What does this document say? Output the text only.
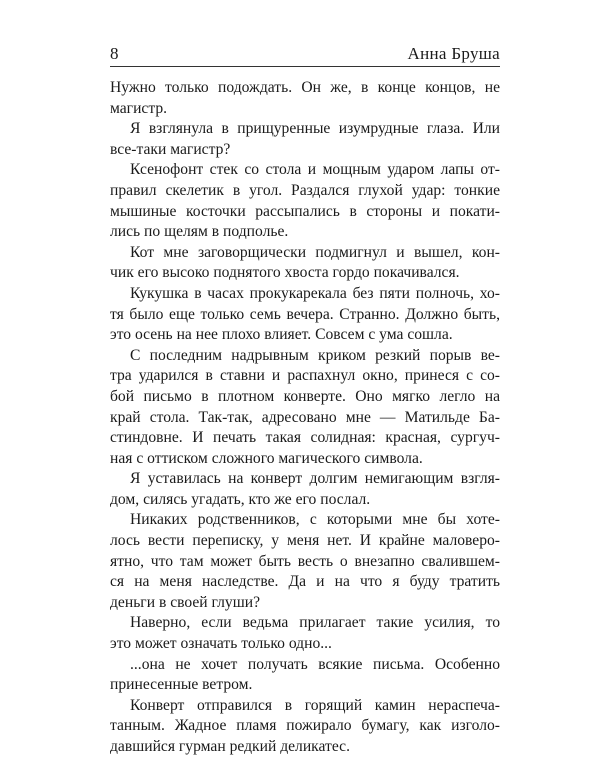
8	Анна Бруша
Нужно только подождать. Он же, в конце концов, не
магистр.
Я взглянула в прищуренные изумрудные глаза. Или
все-таки магистр?
Ксенофонт стек со стола и мощным ударом лапы от-
правил скелетик в угол. Раздался глухой удар: тонкие
мышиные косточки рассыпались в стороны и покати-
лись по щелям в подполье.
Кот мне заговорщически подмигнул и вышел, кон-
чик его высоко поднятого хвоста гордо покачивался.
Кукушка в часах прокукарекала без пяти полночь, хо-
тя было еще только семь вечера. Странно. Должно быть,
это осень на нее плохо влияет. Совсем с ума сошла.
С последним надрывным криком резкий порыв ве-
тра ударился в ставни и распахнул окно, принеся с со-
бой письмо в плотном конверте. Оно мягко легло на
край стола. Так-так, адресовано мне — Матильде Ба-
стиндовне. И печать такая солидная: красная, сургуч-
ная с оттиском сложного магического символа.
Я уставилась на конверт долгим немигающим взгля-
дом, силясь угадать, кто же его послал.
Никаких родственников, с которыми мне бы хоте-
лось вести переписку, у меня нет. И крайне маловеро-
ятно, что там может быть весть о внезапно свалившем-
ся на меня наследстве. Да и на что я буду тратить
деньги в своей глуши?
Наверно, если ведьма прилагает такие усилия, то
это может означать только одно...
...она не хочет получать всякие письма. Особенно
принесенные ветром.
Конверт отправился в горящий камин нераспеча-
танным. Жадное пламя пожирало бумагу, как изголо-
давшийся гурман редкий деликатес.
